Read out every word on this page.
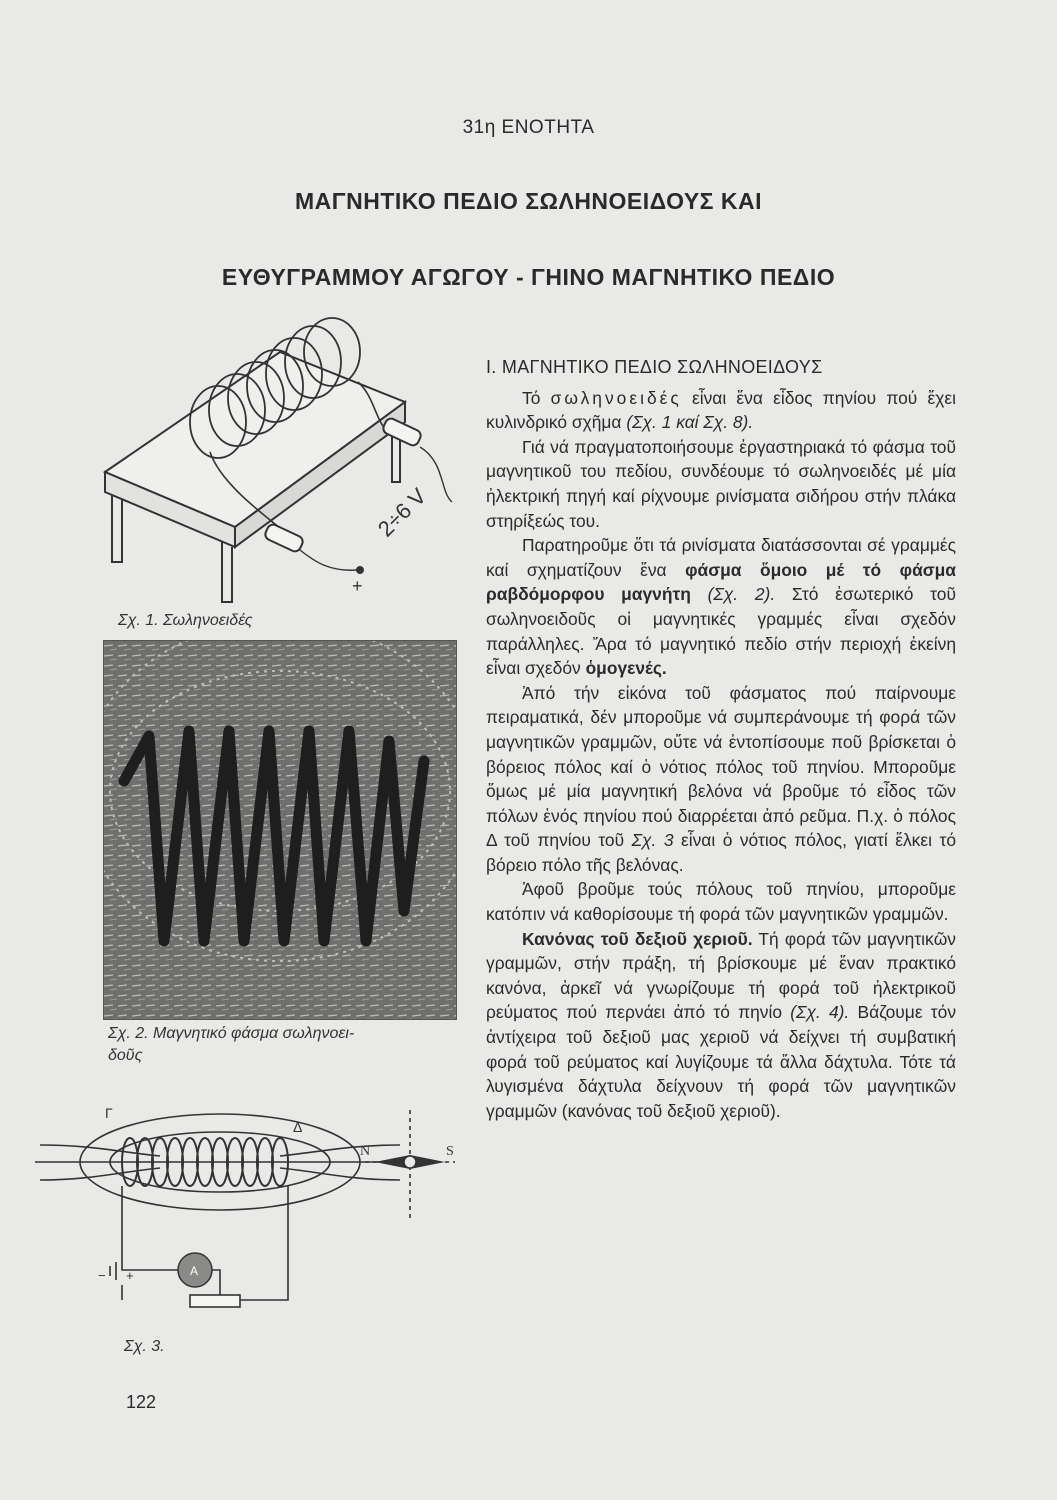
31η ΕΝΟΤΗΤΑ
ΜΑΓΝΗΤΙΚΟ ΠΕΔΙΟ ΣΩΛΗΝΟΕΙΔΟΥΣ ΚΑΙ
ΕΥΘΥΓΡΑΜΜΟΥ ΑΓΩΓΟΥ - ΓΗΙΝΟ ΜΑΓΝΗΤΙΚΟ ΠΕΔΙΟ
2÷6 V
+
Σχ. 1. Σωληνοειδές
Σχ. 2. Μαγνητικό φάσμα σωληνοει-
δοῦς
Γ
Δ
N	S
A
+
−
Σχ. 3.

Ι. ΜΑΓΝΗΤΙΚΟ ΠΕΔΙΟ ΣΩΛΗΝΟΕΙΔΟΥΣ

Τό σωληνοειδές εἶναι ἕνα εἶδος πηνίου πού ἔχει κυλινδρικό σχῆμα (Σχ. 1 καί Σχ. 8).

Γιά νά πραγματοποιήσουμε ἐργαστηριακά τό φάσμα τοῦ μαγνητικοῦ του πεδίου, συνδέουμε τό σωληνοειδές μέ μία ἠλεκτρική πηγή καί ρίχνουμε ρινίσματα σιδήρου στήν πλάκα στηρίξεώς του.

Παρατηροῦμε ὅτι τά ρινίσματα διατάσσονται σέ γραμμές καί σχηματίζουν ἕνα φάσμα ὅμοιο μέ τό φάσμα ραβδόμορφου μαγνήτη (Σχ. 2). Στό ἐσωτερικό τοῦ σωληνοειδοῦς οἱ μαγνητικές γραμμές εἶναι σχεδόν παράλληλες. Ἄρα τό μαγνητικό πεδίο στήν περιοχή ἐκείνη εἶναι σχεδόν ὁμογενές.

Ἀπό τήν εἰκόνα τοῦ φάσματος πού παίρνουμε πειραματικά, δέν μποροῦμε νά συμπεράνουμε τή φορά τῶν μαγνητικῶν γραμμῶν, οὔτε νά ἐντοπίσουμε ποῦ βρίσκεται ὁ βόρειος πόλος καί ὁ νότιος πόλος τοῦ πηνίου. Μποροῦμε ὅμως μέ μία μαγνητική βελόνα νά βροῦμε τό εἶδος τῶν πόλων ἑνός πηνίου πού διαρρέεται ἀπό ρεῦμα. Π.χ. ὁ πόλος Δ τοῦ πηνίου τοῦ Σχ. 3 εἶναι ὁ νότιος πόλος, γιατί ἕλκει τό βόρειο πόλο τῆς βελόνας.

Ἀφοῦ βροῦμε τούς πόλους τοῦ πηνίου, μποροῦμε κατόπιν νά καθορίσουμε τή φορά τῶν μαγνητικῶν γραμμῶν.

Κανόνας τοῦ δεξιοῦ χεριοῦ. Τή φορά τῶν μαγνητικῶν γραμμῶν, στήν πράξη, τή βρίσκουμε μέ ἕναν πρακτικό κανόνα, ἀρκεῖ νά γνωρίζουμε τή φορά τοῦ ἠλεκτρικοῦ ρεύματος πού περνάει ἀπό τό πηνίο (Σχ. 4). Βάζουμε τόν ἀντίχειρα τοῦ δεξιοῦ μας χεριοῦ νά δείχνει τή συμβατική φορά τοῦ ρεύματος καί λυγίζουμε τά ἄλλα δάχτυλα. Τότε τά λυγισμένα δάχτυλα δείχνουν τή φορά τῶν μαγνητικῶν γραμμῶν (κανόνας τοῦ δεξιοῦ χεριοῦ).

122
